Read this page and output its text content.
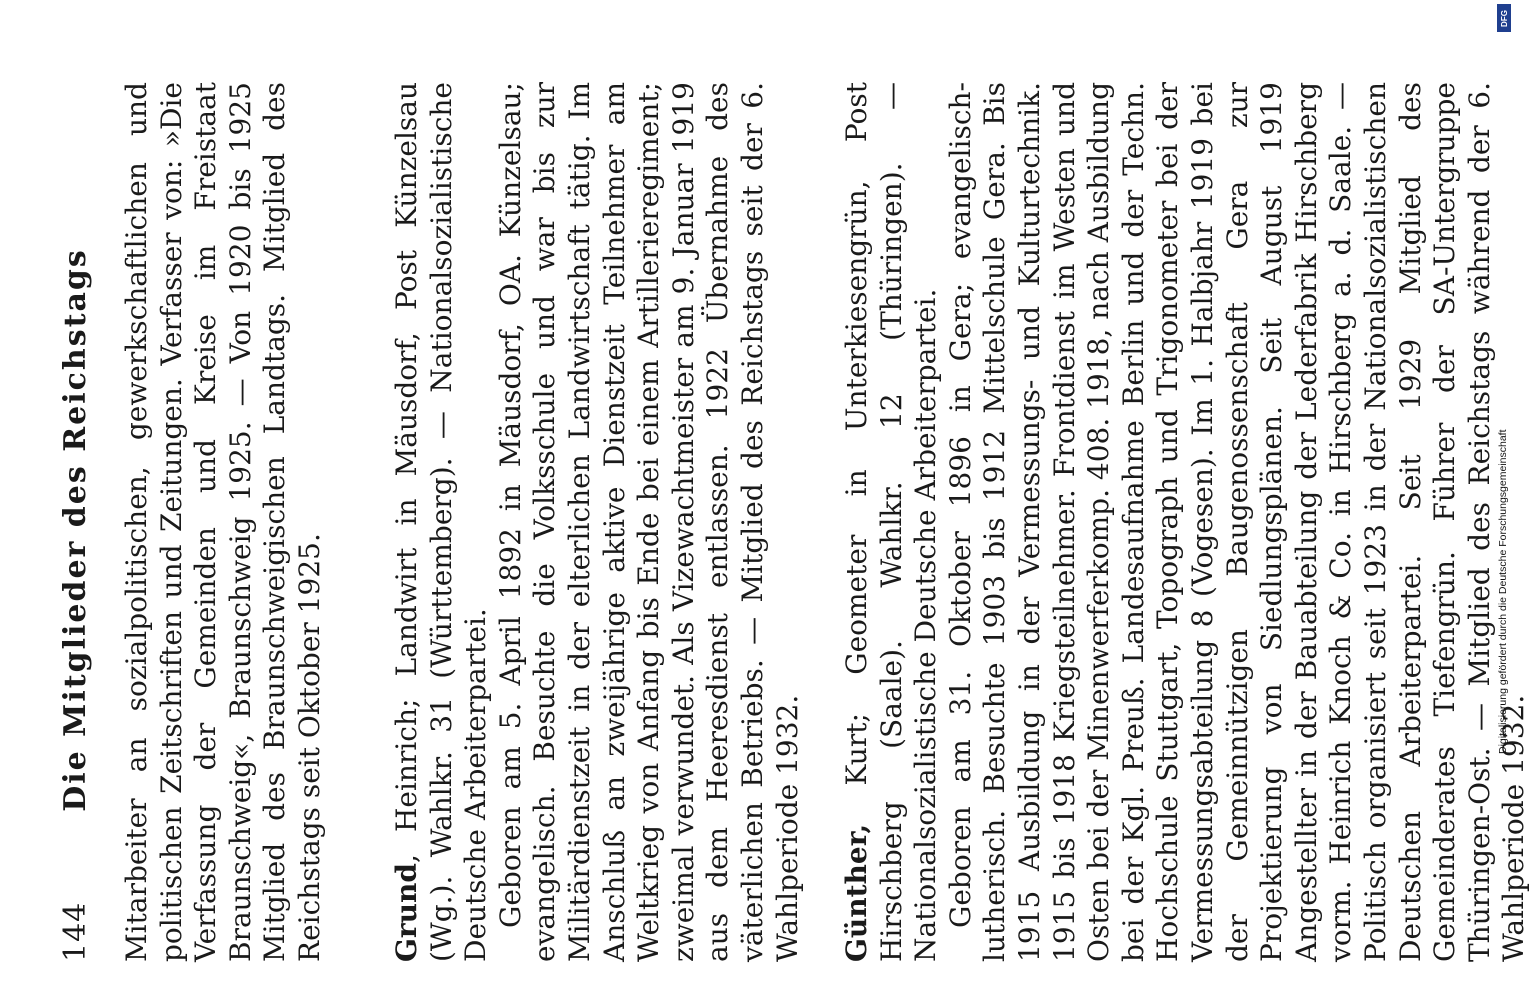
144
Die Mitglieder des Reichstags Mitarbeiter an sozialpolitischen, gewerkschaftlichen und politischen Zeitschriften und Zeitungen. Verfasser von: »Die Verfassung der Gemeinden und Kreise im Freistaat Braunschweig«, Braunschweig 1925. — Von 1920 bis 1925 Mitglied des Braunschweigischen Landtags. Mitglied des Reichstags seit Oktober 1925. Grund, Heinrich; Landwirt in Mäusdorf, Post Künzelsau (Wg.). Wahlkr. 31 (Württemberg). — Nationalsozialistische Deutsche Arbeiterpartei. Geboren am 5. April 1892 in Mäusdorf, OA. Künzelsau; evangelisch. Besuchte die Volksschule und war bis zur Militärdienstzeit in der elterlichen Landwirtschaft tätig. Im Anschluß an zweijährige aktive Dienstzeit Teilnehmer am Weltkrieg von Anfang bis Ende bei einem Artillerieregiment; zweimal verwundet. Als Vizewachtmeister am 9. Januar 1919 aus dem Heeresdienst entlassen. 1922 Übernahme des väterlichen Betriebs. — Mitglied des Reichstags seit der 6. Wahlperiode 1932. Günther, Kurt; Geometer in Unterkiesengrün, Post Hirschberg (Saale). Wahlkr. 12 (Thüringen). — Nationalsozialistische Deutsche Arbeiterpartei. Geboren am 31. Oktober 1896 in Gera; evangelisch-lutherisch. Besuchte 1903 bis 1912 Mittelschule Gera. Bis 1915 Ausbildung in der Vermessungs- und Kulturtechnik. 1915 bis 1918 Kriegsteilnehmer. Frontdienst im Westen und Osten bei der Minenwerferkomp. 408. 1918, nach Ausbildung bei der Kgl. Preuß. Landesaufnahme Berlin und der Techn. Hochschule Stuttgart, Topograph und Trigonometer bei der Vermessungsabteilung 8 (Vogesen). Im 1. Halbjahr 1919 bei der Gemeinnützigen Baugenossenschaft Gera zur Projektierung von Siedlungsplänen. Seit August 1919 Angestellter in der Bauabteilung der Lederfabrik Hirschberg vorm. Heinrich Knoch & Co. in Hirschberg a. d. Saale. — Politisch organisiert seit 1923 in der Nationalsozialistischen Deutschen Arbeiterpartei. Seit 1929 Mitglied des Gemeinderates Tiefengrün. Führer der SA-Untergruppe Thüringen-Ost. — Mitglied des Reichstags während der 6. Wahlperiode 1932.

DFG
Digitalisierung gefördert durch die Deutsche Forschungsgemeinschaft
